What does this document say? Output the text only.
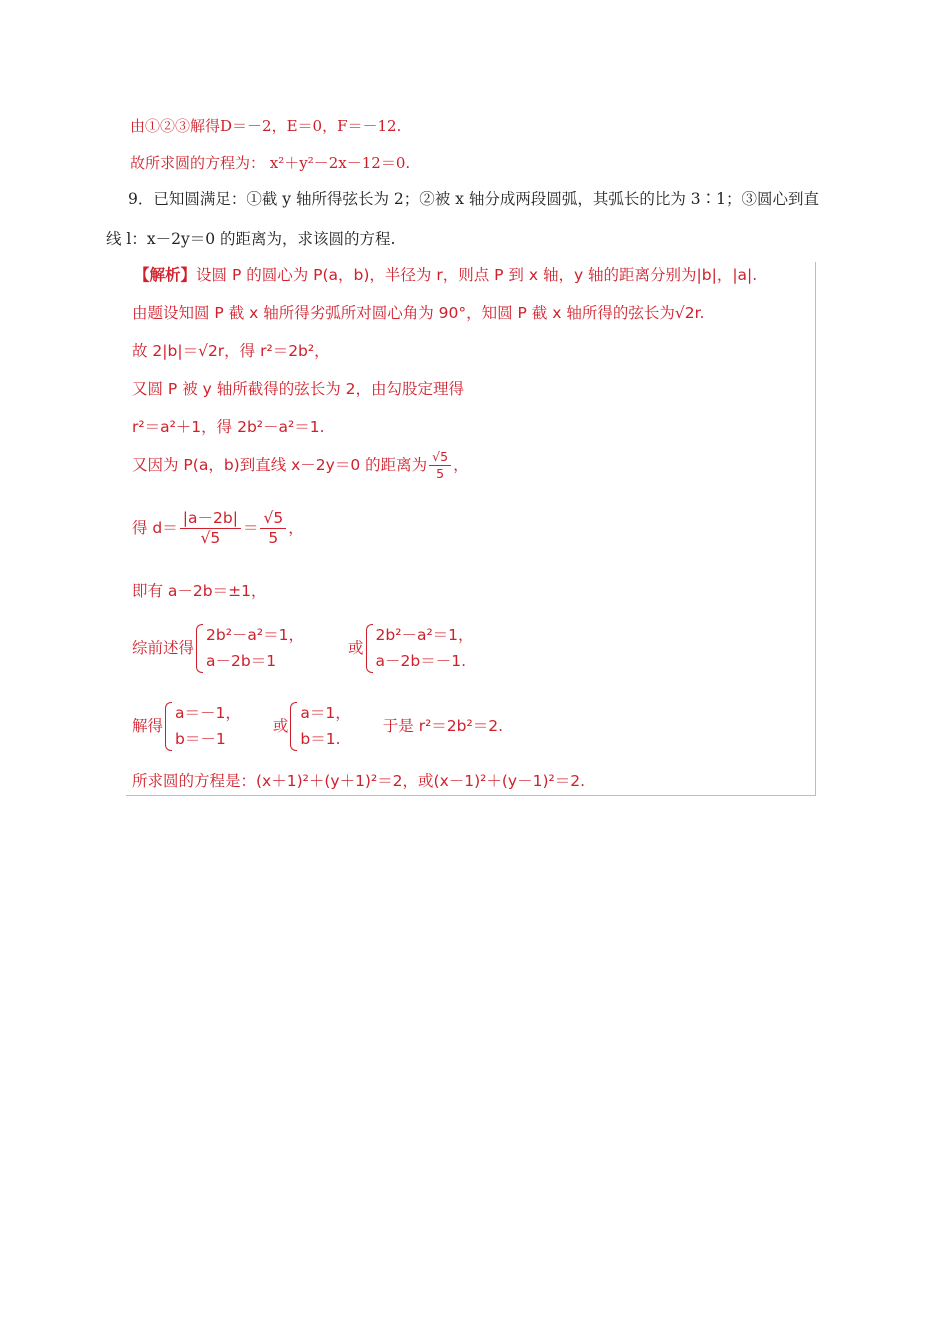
由①②③解得D＝－2，E＝0，F＝－12.
故所求圆的方程为： x²＋y²－2x－12＝0.
9．已知圆满足：①截 y 轴所得弦长为 2；②被 x 轴分成两段圆弧，其弧长的比为 3∶1；③圆心到直
线 l：x－2y＝0 的距离为，求该圆的方程.
【解析】设圆 P 的圆心为 P(a，b)，半径为 r，则点 P 到 x 轴，y 轴的距离分别为|b|，|a|.
由题设知圆 P 截 x 轴所得劣弧所对圆心角为 90°，知圆 P 截 x 轴所得的弦长为√2r.
故 2|b|＝√2r，得 r²＝2b²，
又圆 P 被 y 轴所截得的弦长为 2，由勾股定理得
r²＝a²＋1，得 2b²－a²＝1.
又因为 P(a，b)到直线 x－2y＝0 的距离为 $\frac{√5}{5}$ ，
得 $d= \frac{|a-2b|}{√5} = \frac{√5}{5}$ ，
即有 a－2b＝±1，
综前述得
2b²－a²＝1，
a－2b＝1
或
2b²－a²＝1，
a－2b＝－1.
解得
a＝－1，
b＝－1
或
a＝1，
b＝1.
于是 r²＝2b²＝2.
所求圆的方程是：(x＋1)²＋(y＋1)²＝2，或(x－1)²＋(y－1)²＝2.
